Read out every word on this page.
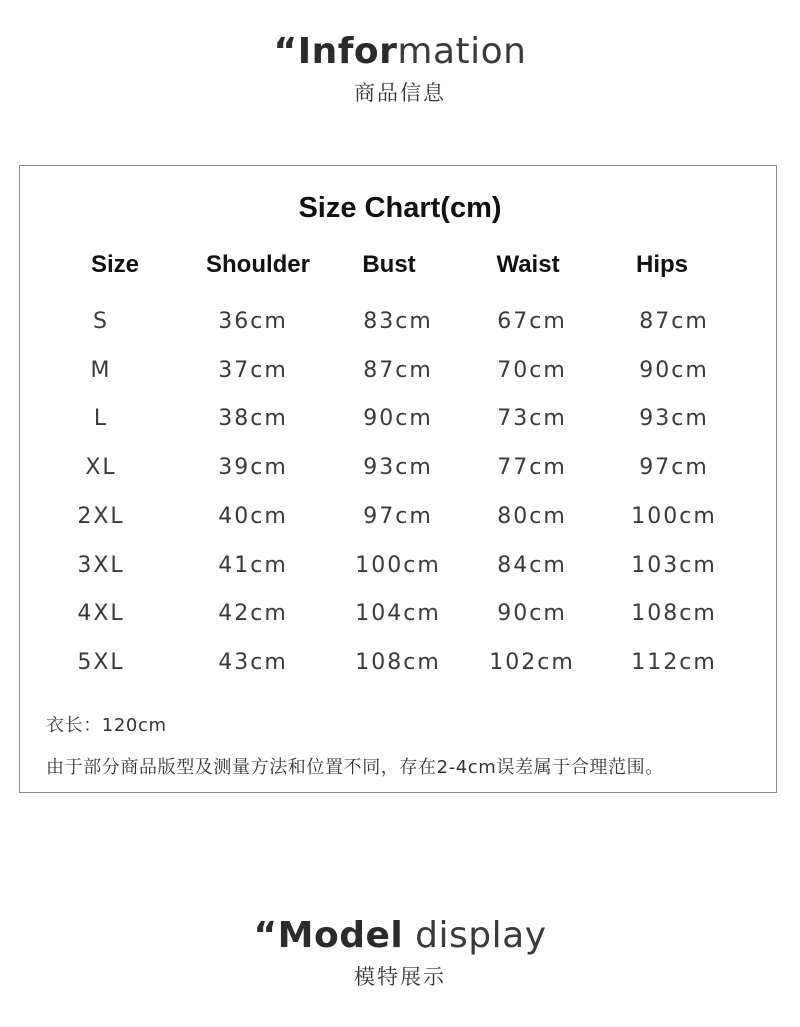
“Information
商品信息
Size Chart(cm)
Size	Shoulder	Bust	Waist	Hips
S	36cm	83cm	67cm	87cm
M	37cm	87cm	70cm	90cm
L	38cm	90cm	73cm	93cm
XL	39cm	93cm	77cm	97cm
2XL	40cm	97cm	80cm	100cm
3XL	41cm	100cm	84cm	103cm
4XL	42cm	104cm	90cm	108cm
5XL	43cm	108cm	102cm	112cm
衣长：120cm
由于部分商品版型及测量方法和位置不同，存在2-4cm误差属于合理范围。
“Model display
模特展示
